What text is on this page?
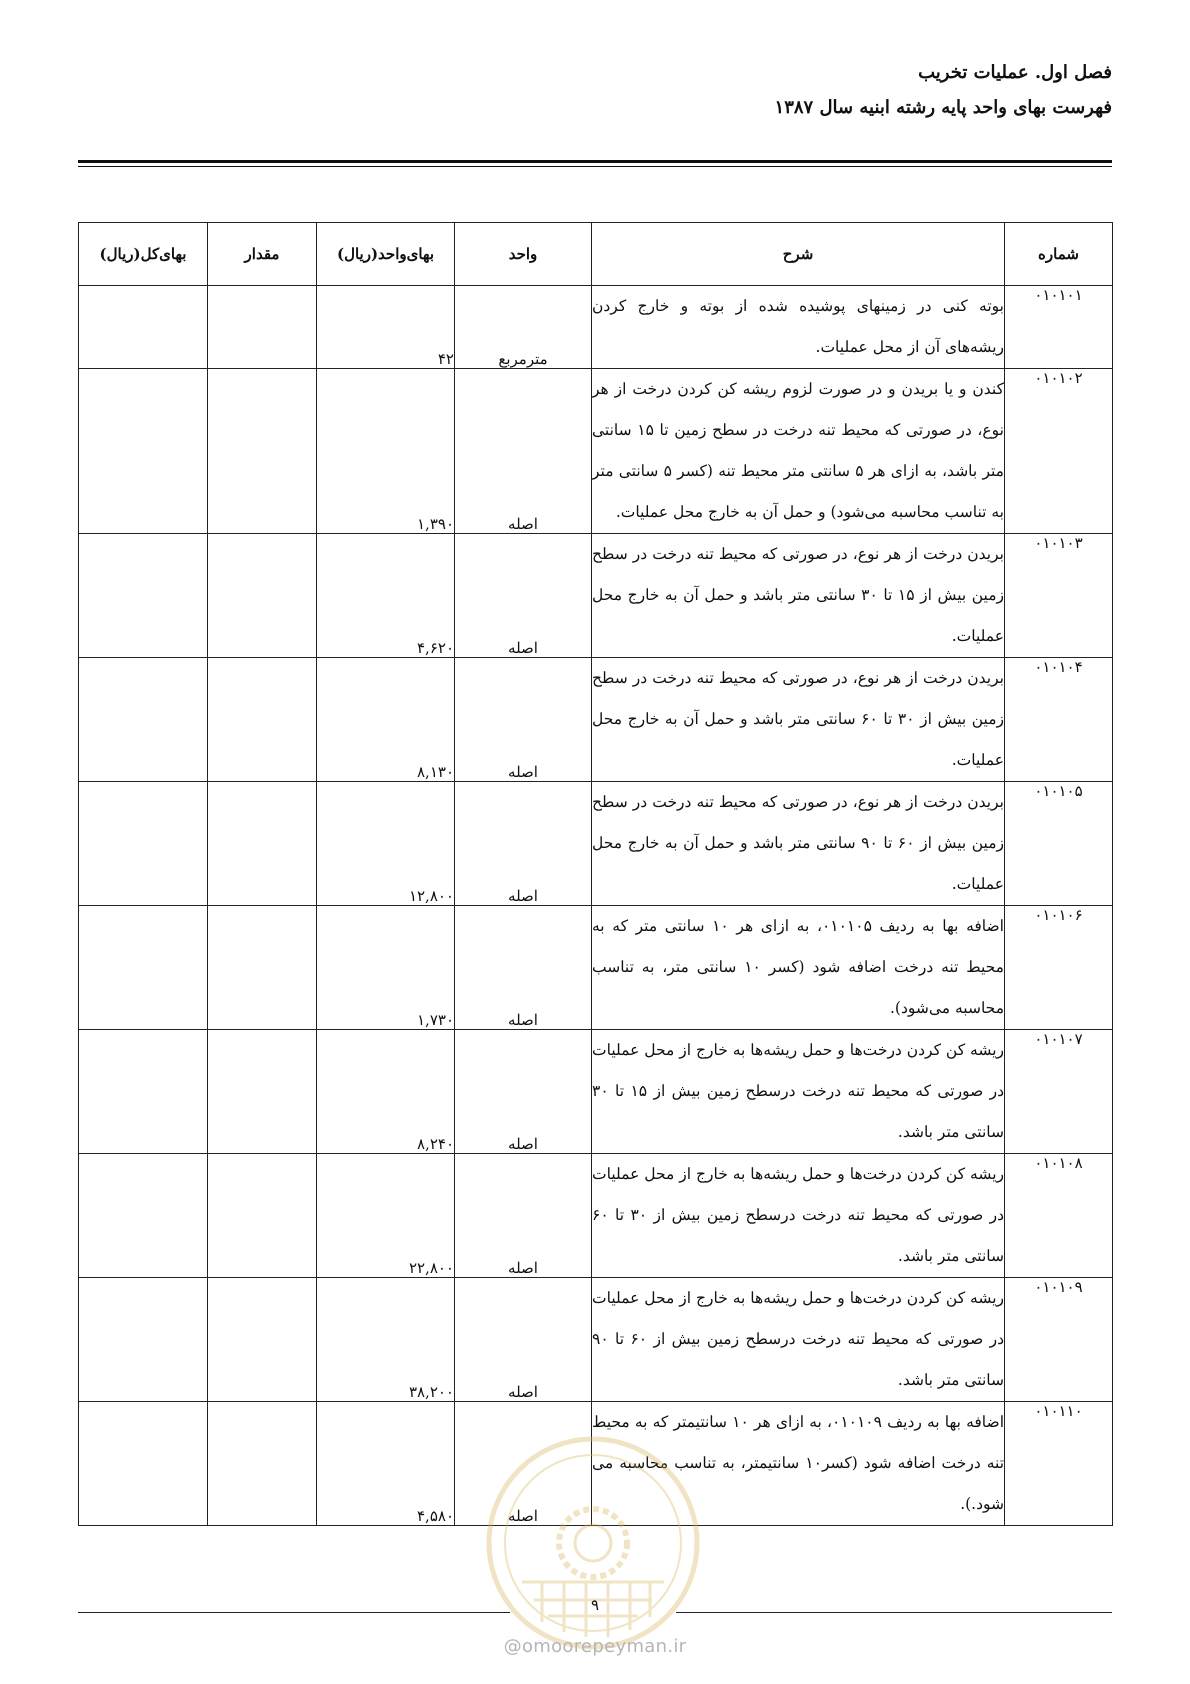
فصل اول. عملیات تخریب

فهرست بهای واحد پایه رشته ابنیه سال ۱۳۸۷

شماره	شرح	واحد	بهای‌واحد(ریال)	مقدار	بهای‌کل(ریال)
۰۱۰۱۰۱	بوته کنی در زمینهای پوشیده شده از بوته و خارج کردن ریشه‌های آن از محل عملیات.	مترمربع	۴۲		
۰۱۰۱۰۲	کندن و یا بریدن و در صورت لزوم ریشه کن کردن درخت از هر نوع، در صورتی که محیط تنه درخت در سطح زمین تا ۱۵ سانتی متر باشد، به ازای هر ۵ سانتی متر محیط تنه (کسر ۵ سانتی متر به تناسب محاسبه می‌شود) و حمل آن به خارج محل عملیات.	اصله	۱,۳۹۰		
۰۱۰۱۰۳	بریدن درخت از هر نوع، در صورتی که محیط تنه درخت در سطح زمین بیش از ۱۵ تا ۳۰ سانتی متر باشد و حمل آن به خارج محل عملیات.	اصله	۴,۶۲۰		
۰۱۰۱۰۴	بریدن درخت از هر نوع، در صورتی که محیط تنه درخت در سطح زمین بیش از ۳۰ تا ۶۰ سانتی متر باشد و حمل آن به خارج محل عملیات.	اصله	۸,۱۳۰		
۰۱۰۱۰۵	بریدن درخت از هر نوع، در صورتی که محیط تنه درخت در سطح زمین بیش از ۶۰ تا ۹۰ سانتی متر باشد و حمل آن به خارج محل عملیات.	اصله	۱۲,۸۰۰		
۰۱۰۱۰۶	اضافه بها به ردیف ۰۱۰۱۰۵، به ازای هر ۱۰ سانتی متر که به محیط تنه درخت اضافه شود (کسر ۱۰ سانتی متر، به تناسب محاسبه می‌شود).	اصله	۱,۷۳۰		
۰۱۰۱۰۷	ریشه کن کردن درخت‌ها و حمل ریشه‌ها به خارج از محل عملیات در صورتی که محیط تنه درخت درسطح زمین بیش از ۱۵ تا ۳۰ سانتی متر باشد.	اصله	۸,۲۴۰		
۰۱۰۱۰۸	ریشه کن کردن درخت‌ها و حمل ریشه‌ها به خارج از محل عملیات در صورتی که محیط تنه درخت درسطح زمین بیش از ۳۰ تا ۶۰ سانتی متر باشد.	اصله	۲۲,۸۰۰		
۰۱۰۱۰۹	ریشه کن کردن درخت‌ها و حمل ریشه‌ها به خارج از محل عملیات در صورتی که محیط تنه درخت درسطح زمین بیش از ۶۰ تا ۹۰ سانتی متر باشد.	اصله	۳۸,۲۰۰		
۰۱۰۱۱۰	اضافه بها به ردیف ۰۱۰۱۰۹، به ازای هر ۱۰ سانتیمتر که به محیط تنه درخت اضافه شود (کسر۱۰ سانتیمتر، به تناسب محاسبه می شود.).	اصله	۴,۵۸۰		
۹
@omoorepeyman.ir
